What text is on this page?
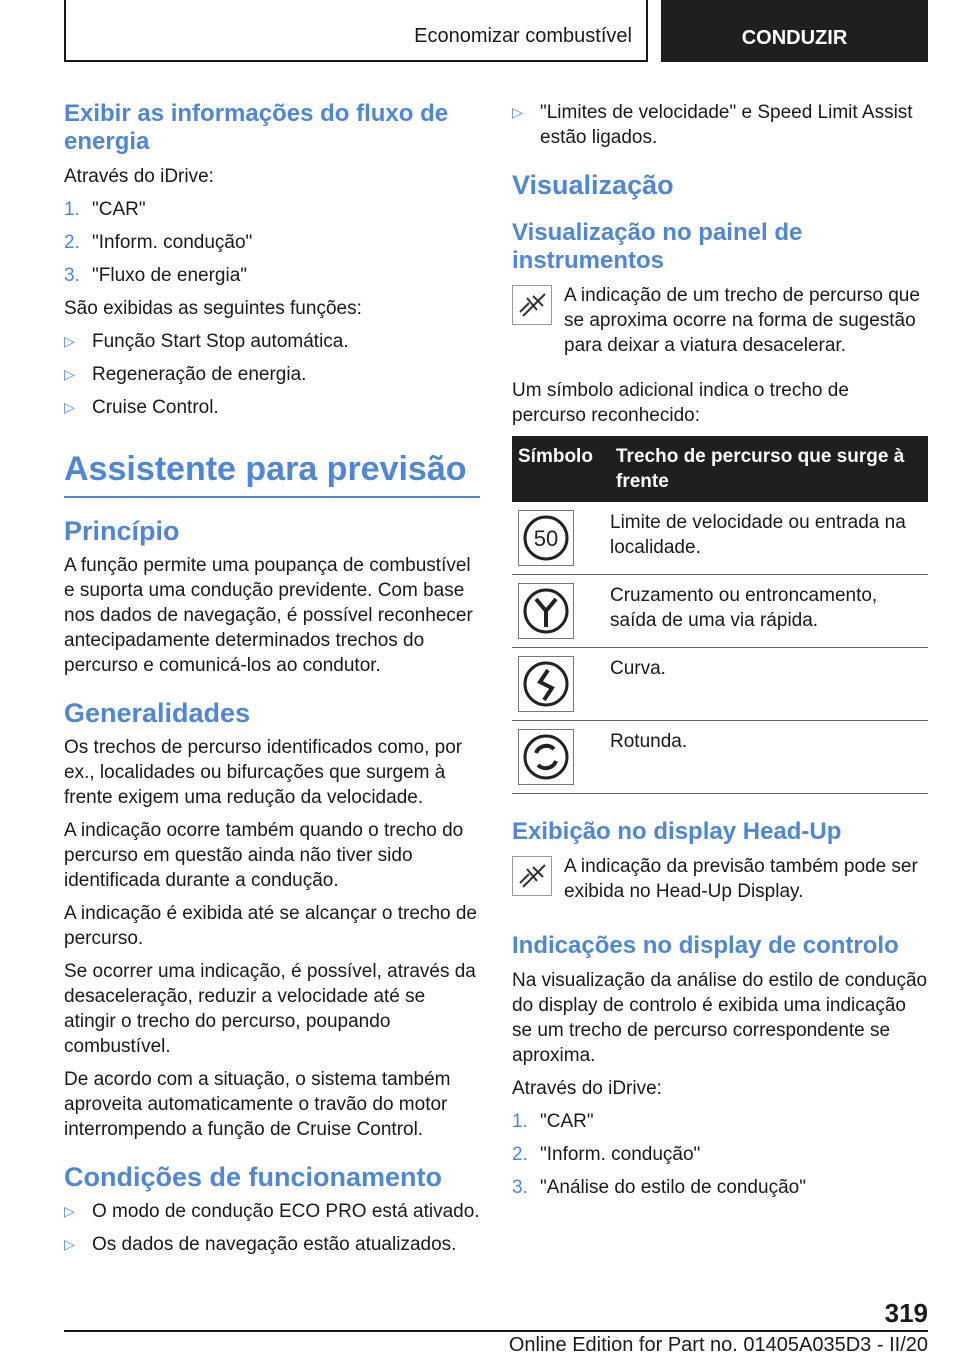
Economizar combustível	CONDUZIR
Exibir as informações do fluxo de energia
Através do iDrive:
1. "CAR"
2. "Inform. condução"
3. "Fluxo de energia"
São exibidas as seguintes funções:
▷ Função Start Stop automática.
▷ Regeneração de energia.
▷ Cruise Control.
Assistente para previsão
Princípio
A função permite uma poupança de combustível e suporta uma condução previdente. Com base nos dados de navegação, é possível reconhecer antecipadamente determinados trechos do percurso e comunicá-los ao condutor.
Generalidades
Os trechos de percurso identificados como, por ex., localidades ou bifurcações que surgem à frente exigem uma redução da velocidade.
A indicação ocorre também quando o trecho do percurso em questão ainda não tiver sido identificada durante a condução.
A indicação é exibida até se alcançar o trecho de percurso.
Se ocorrer uma indicação, é possível, através da desaceleração, reduzir a velocidade até se atingir o trecho do percurso, poupando combustível.
De acordo com a situação, o sistema também aproveita automaticamente o travão do motor interrompendo a função de Cruise Control.
Condições de funcionamento
▷ O modo de condução ECO PRO está ativado.
▷ Os dados de navegação estão atualizados.
▷ "Limites de velocidade" e Speed Limit Assist estão ligados.
Visualização
Visualização no painel de instrumentos
A indicação de um trecho de percurso que se aproxima ocorre na forma de sugestão para deixar a viatura desacelerar.
Um símbolo adicional indica o trecho de percurso reconhecido:
Símbolo	Trecho de percurso que surge à frente

50	Limite de velocidade ou entrada na localidade.

	Cruzamento ou entroncamento, saída de uma via rápida.

	Curva.

	Rotunda.
Exibição no display Head-Up
A indicação da previsão também pode ser exibida no Head-Up Display.
Indicações no display de controlo
Na visualização da análise do estilo de condução do display de controlo é exibida uma indicação se um trecho de percurso correspondente se aproxima.
Através do iDrive:
1. "CAR"
2. "Inform. condução"
3. "Análise do estilo de condução"
319
Online Edition for Part no. 01405A035D3 - II/20
